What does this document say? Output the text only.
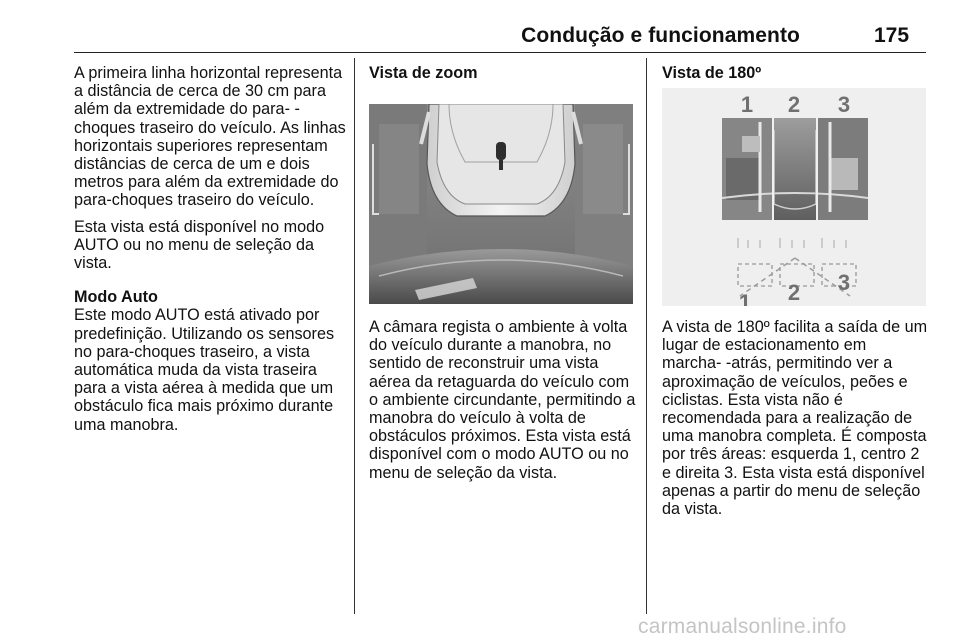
Condução e funcionamento	175

A primeira linha horizontal representa a distância de cerca de 30 cm para além da extremidade do para- -choques traseiro do veículo. As linhas horizontais superiores representam distâncias de cerca de um e dois metros para além da extremidade do para-choques traseiro do veículo.

Esta vista está disponível no modo AUTO ou no menu de seleção da vista.

Modo Auto

Este modo AUTO está ativado por predefinição. Utilizando os sensores no para-choques traseiro, a vista automática muda da vista traseira para a vista aérea à medida que um obstáculo fica mais próximo durante uma manobra.

Vista de zoom

A câmara regista o ambiente à volta do veículo durante a manobra, no sentido de reconstruir uma vista aérea da retaguarda do veículo com o ambiente circundante, permitindo a manobra do veículo à volta de obstáculos próximos. Esta vista está disponível com o modo AUTO ou no menu de seleção da vista.

Vista de 180º
1 2 3
1 2 3

A vista de 180º facilita a saída de um lugar de estacionamento em marcha- -atrás, permitindo ver a aproximação de veículos, peões e ciclistas. Esta vista não é recomendada para a realização de uma manobra completa. É composta por três áreas: esquerda 1, centro 2 e direita 3. Esta vista está disponível apenas a partir do menu de seleção da vista.

carmanualsonline.info
